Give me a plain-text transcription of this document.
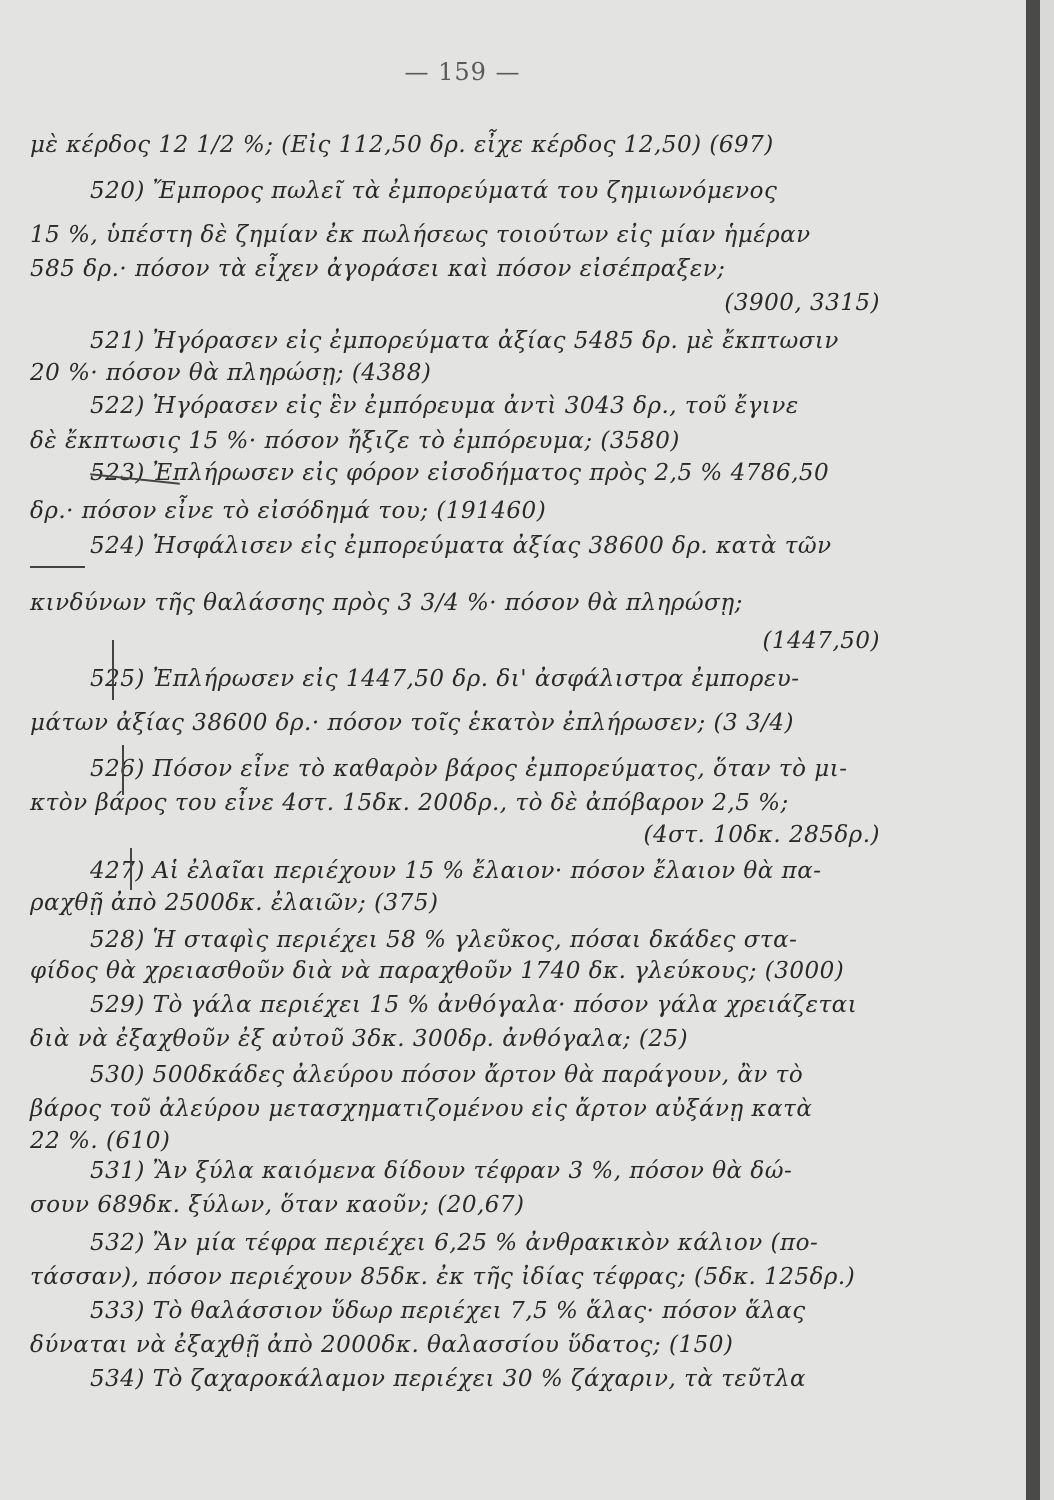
— 159 —
μὲ κέρδος 12 1/2 %; (Εἰς 112,50 δρ. εἶχε κέρδος 12,50) (697)
520) Ἔμπορος πωλεῖ τὰ ἐμπορεύματά του ζημιωνόμενος
15 %, ὑπέστη δὲ ζημίαν ἐκ πωλήσεως τοιούτων εἰς μίαν ἡμέραν
585 δρ.· πόσον τὰ εἶχεν ἀγοράσει καὶ πόσον εἰσέπραξεν;
(3900, 3315)
521) Ἠγόρασεν εἰς ἐμπορεύματα ἀξίας 5485 δρ. μὲ ἔκπτωσιν
20 %· πόσον θὰ πληρώσῃ; (4388)
522) Ἠγόρασεν εἰς ἓν ἐμπόρευμα ἀντὶ 3043 δρ., τοῦ ἔγινε
δὲ ἔκπτωσις 15 %· πόσον ἤξιζε τὸ ἐμπόρευμα; (3580)
523) Ἐπλήρωσεν εἰς φόρον εἰσοδήματος πρὸς 2,5 % 4786,50
δρ.· πόσον εἶνε τὸ εἰσόδημά του; (191460)
524) Ἠσφάλισεν εἰς ἐμπορεύματα ἀξίας 38600 δρ. κατὰ τῶν
κινδύνων τῆς θαλάσσης πρὸς 3 3/4 %· πόσον θὰ πληρώσῃ;
(1447,50)
525) Ἐπλήρωσεν εἰς 1447,50 δρ. δι' ἀσφάλιστρα ἐμπορευ-
μάτων ἀξίας 38600 δρ.· πόσον τοῖς ἑκατὸν ἐπλήρωσεν; (3 3/4)
526) Πόσον εἶνε τὸ καθαρὸν βάρος ἐμπορεύματος, ὅταν τὸ μι-
κτὸν βάρος του εἶνε 4στ. 15δκ. 200δρ., τὸ δὲ ἀπόβαρον 2,5 %;
(4στ. 10δκ. 285δρ.)
427) Αἱ ἐλαῖαι περιέχουν 15 % ἔλαιον· πόσον ἔλαιον θὰ πα-
ραχθῇ ἀπὸ 2500δκ. ἐλαιῶν; (375)
528) Ἡ σταφὶς περιέχει 58 % γλεῦκος, πόσαι δκάδες στα-
φίδος θὰ χρειασθοῦν διὰ νὰ παραχθοῦν 1740 δκ. γλεύκους; (3000)
529) Τὸ γάλα περιέχει 15 % ἀνθόγαλα· πόσον γάλα χρειάζεται
διὰ νὰ ἐξαχθοῦν ἐξ αὐτοῦ 3δκ. 300δρ. ἀνθόγαλα; (25)
530) 500δκάδες ἀλεύρου πόσον ἄρτον θὰ παράγουν, ἂν τὸ
βάρος τοῦ ἀλεύρου μετασχηματιζομένου εἰς ἄρτον αὐξάνῃ κατὰ
22 %. (610)
531) Ἂν ξύλα καιόμενα δίδουν τέφραν 3 %, πόσον θὰ δώ-
σουν 689δκ. ξύλων, ὅταν καοῦν; (20,67)
532) Ἂν μία τέφρα περιέχει 6,25 % ἀνθρακικὸν κάλιον (πο-
τάσσαν), πόσον περιέχουν 85δκ. ἐκ τῆς ἰδίας τέφρας; (5δκ. 125δρ.)
533) Τὸ θαλάσσιον ὕδωρ περιέχει 7,5 % ἅλας· πόσον ἅλας
δύναται νὰ ἐξαχθῇ ἀπὸ 2000δκ. θαλασσίου ὕδατος; (150)
534) Τὸ ζαχαροκάλαμον περιέχει 30 % ζάχαριν, τὰ τεῦτλα
